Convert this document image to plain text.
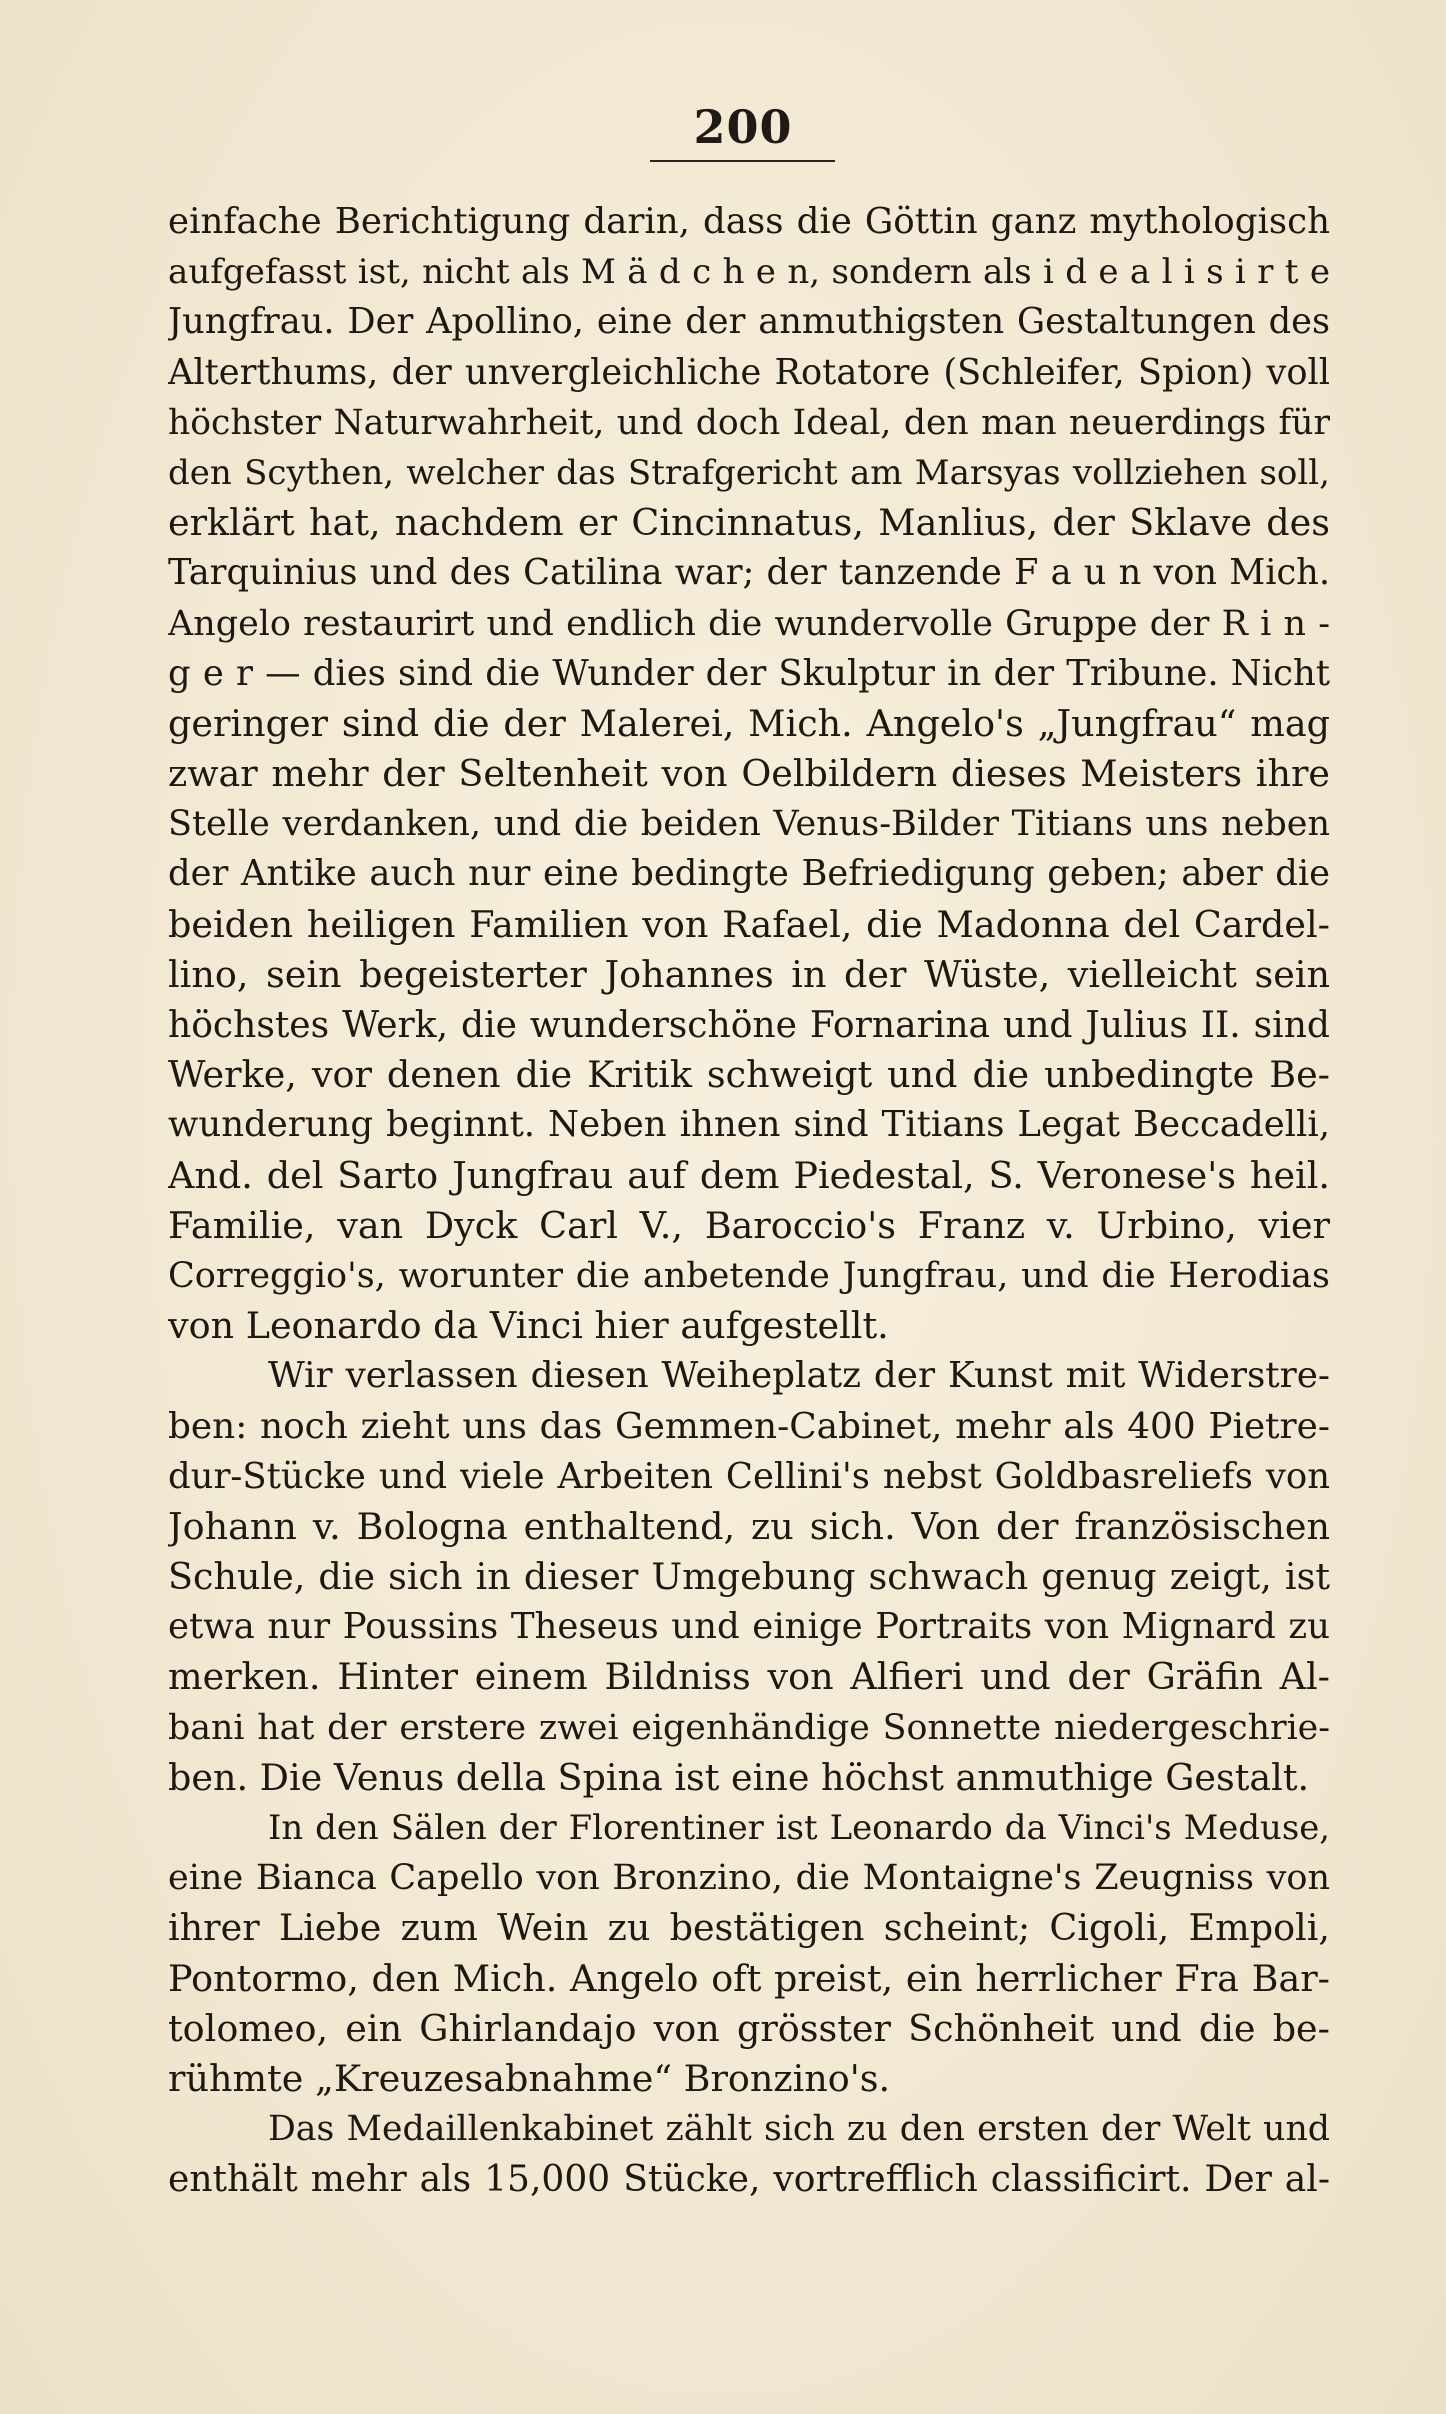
200
einfache Berichtigung darin, dass die Göttin ganz mythologisch
aufgefasst ist, nicht als M ä d c h e n, sondern als i d e a l i s i r t e
Jungfrau. Der Apollino, eine der anmuthigsten Gestaltungen des
Alterthums, der unvergleichliche Rotatore (Schleifer, Spion) voll
höchster Naturwahrheit, und doch Ideal, den man neuerdings für
den Scythen, welcher das Strafgericht am Marsyas vollziehen soll,
erklärt hat, nachdem er Cincinnatus, Manlius, der Sklave des
Tarquinius und des Catilina war; der tanzende F a u n von Mich.
Angelo restaurirt und endlich die wundervolle Gruppe der R i n -
g e r — dies sind die Wunder der Skulptur in der Tribune. Nicht
geringer sind die der Malerei, Mich. Angelo's „Jungfrau“ mag
zwar mehr der Seltenheit von Oelbildern dieses Meisters ihre
Stelle verdanken, und die beiden Venus-Bilder Titians uns neben
der Antike auch nur eine bedingte Befriedigung geben; aber die
beiden heiligen Familien von Rafael, die Madonna del Cardel-
lino, sein begeisterter Johannes in der Wüste, vielleicht sein
höchstes Werk, die wunderschöne Fornarina und Julius II. sind
Werke, vor denen die Kritik schweigt und die unbedingte Be-
wunderung beginnt. Neben ihnen sind Titians Legat Beccadelli,
And. del Sarto Jungfrau auf dem Piedestal, S. Veronese's heil.
Familie, van Dyck Carl V., Baroccio's Franz v. Urbino, vier
Correggio's, worunter die anbetende Jungfrau, und die Herodias
von Leonardo da Vinci hier aufgestellt.
Wir verlassen diesen Weiheplatz der Kunst mit Widerstre-
ben: noch zieht uns das Gemmen-Cabinet, mehr als 400 Pietre-
dur-Stücke und viele Arbeiten Cellini's nebst Goldbasreliefs von
Johann v. Bologna enthaltend, zu sich. Von der französischen
Schule, die sich in dieser Umgebung schwach genug zeigt, ist
etwa nur Poussins Theseus und einige Portraits von Mignard zu
merken. Hinter einem Bildniss von Alfieri und der Gräfin Al-
bani hat der erstere zwei eigenhändige Sonnette niedergeschrie-
ben. Die Venus della Spina ist eine höchst anmuthige Gestalt.
In den Sälen der Florentiner ist Leonardo da Vinci's Meduse,
eine Bianca Capello von Bronzino, die Montaigne's Zeugniss von
ihrer Liebe zum Wein zu bestätigen scheint; Cigoli, Empoli,
Pontormo, den Mich. Angelo oft preist, ein herrlicher Fra Bar-
tolomeo, ein Ghirlandajo von grösster Schönheit und die be-
rühmte „Kreuzesabnahme“ Bronzino's.
Das Medaillenkabinet zählt sich zu den ersten der Welt und
enthält mehr als 15,000 Stücke, vortrefflich classificirt. Der al-
